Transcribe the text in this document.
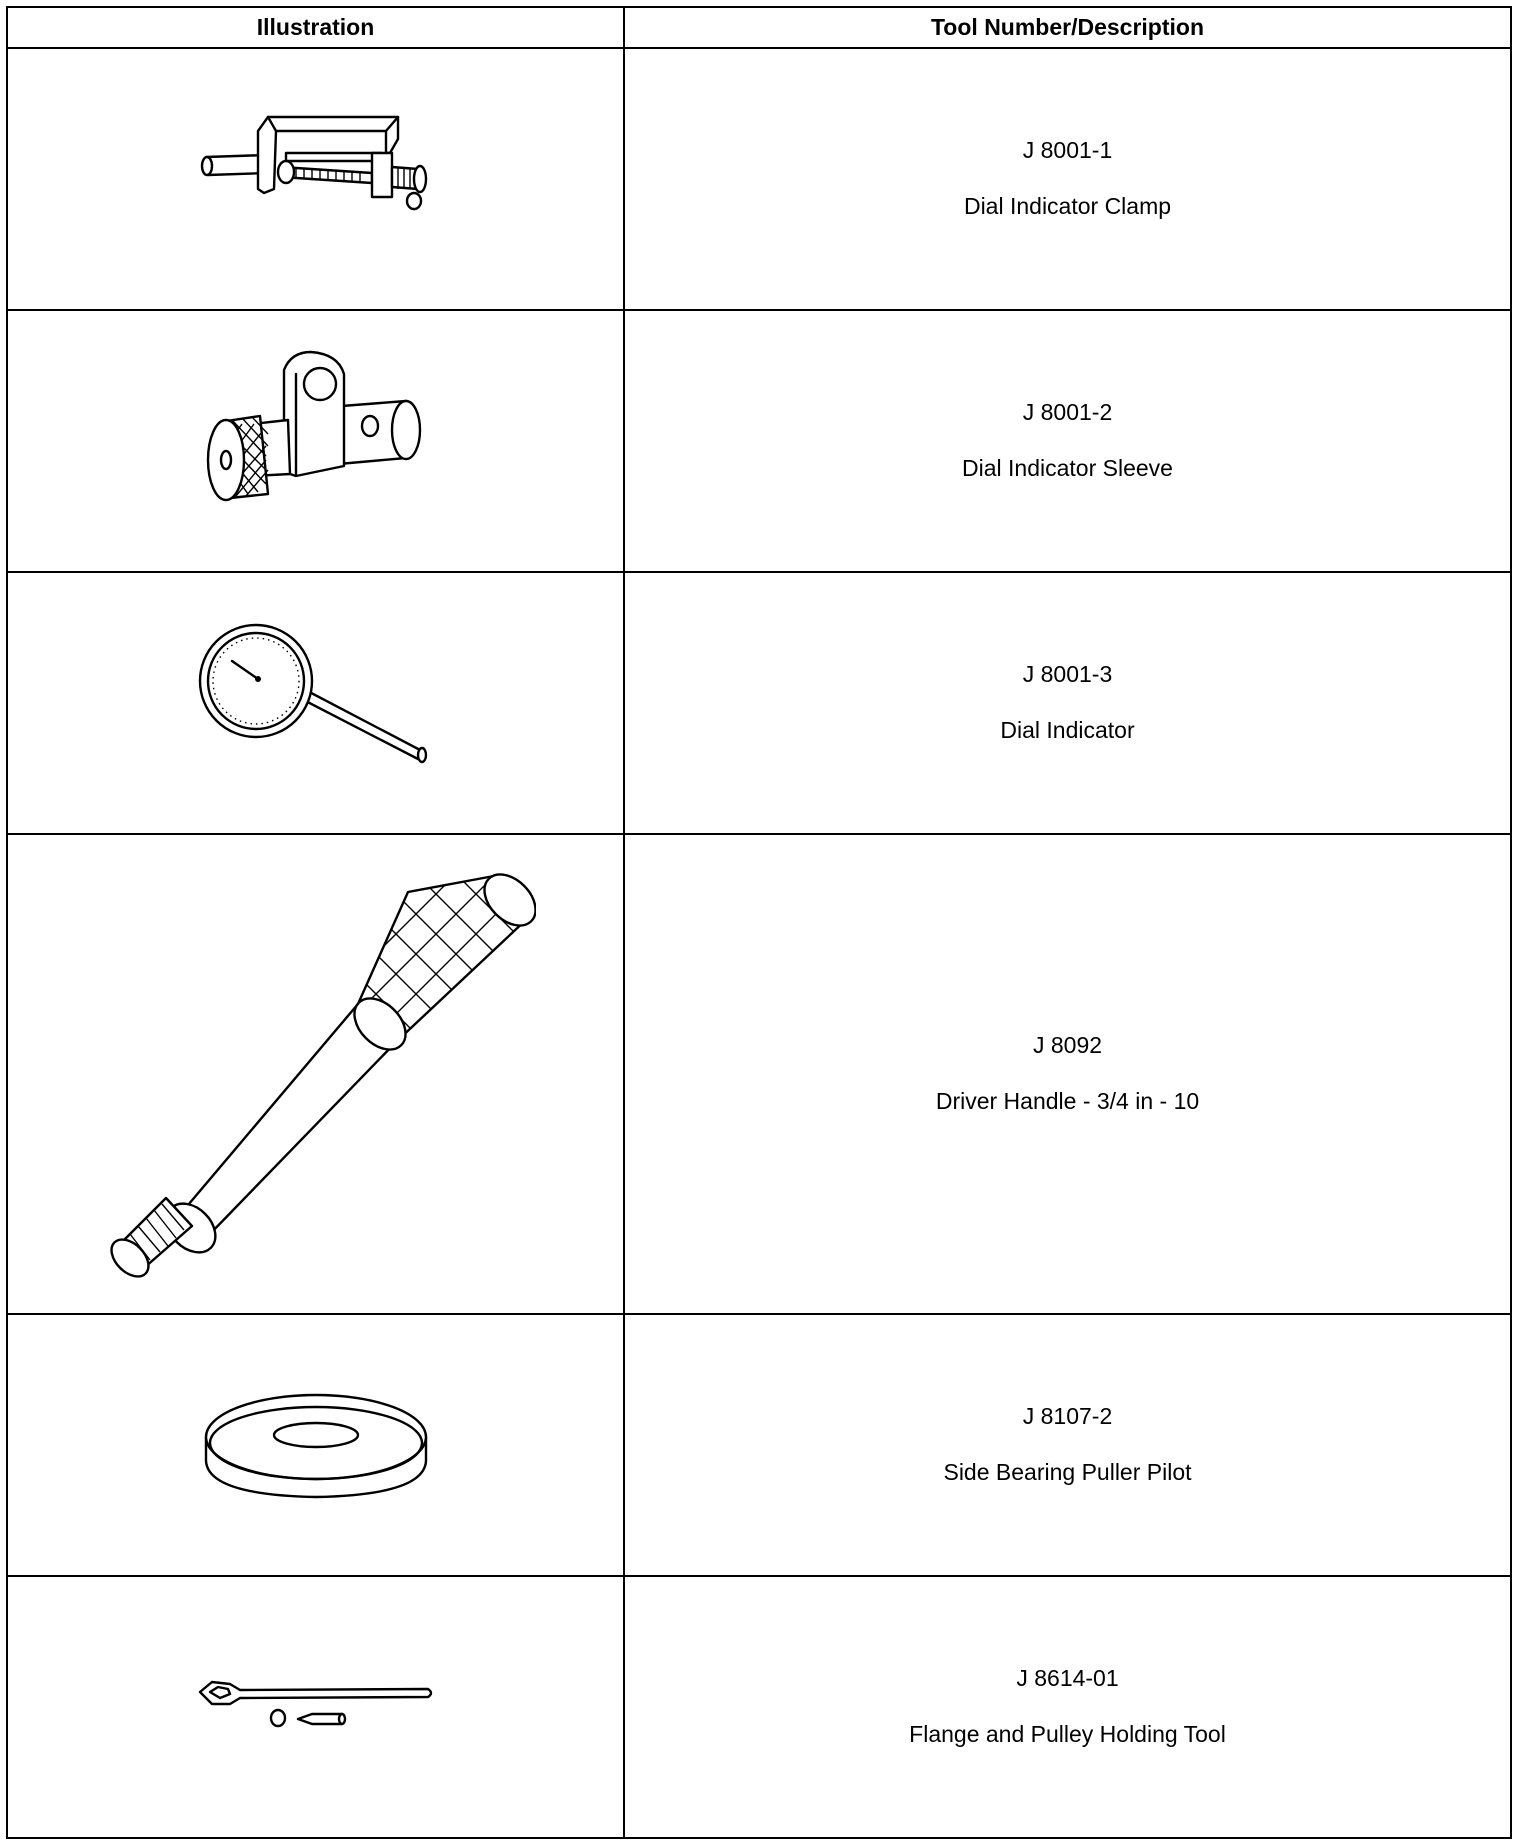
Illustration	Tool Number/Description

J 8001-1
Dial Indicator Clamp

J 8001-2
Dial Indicator Sleeve

J 8001-3
Dial Indicator

J 8092
Driver Handle - 3/4 in - 10

J 8107-2
Side Bearing Puller Pilot

J 8614-01
Flange and Pulley Holding Tool
